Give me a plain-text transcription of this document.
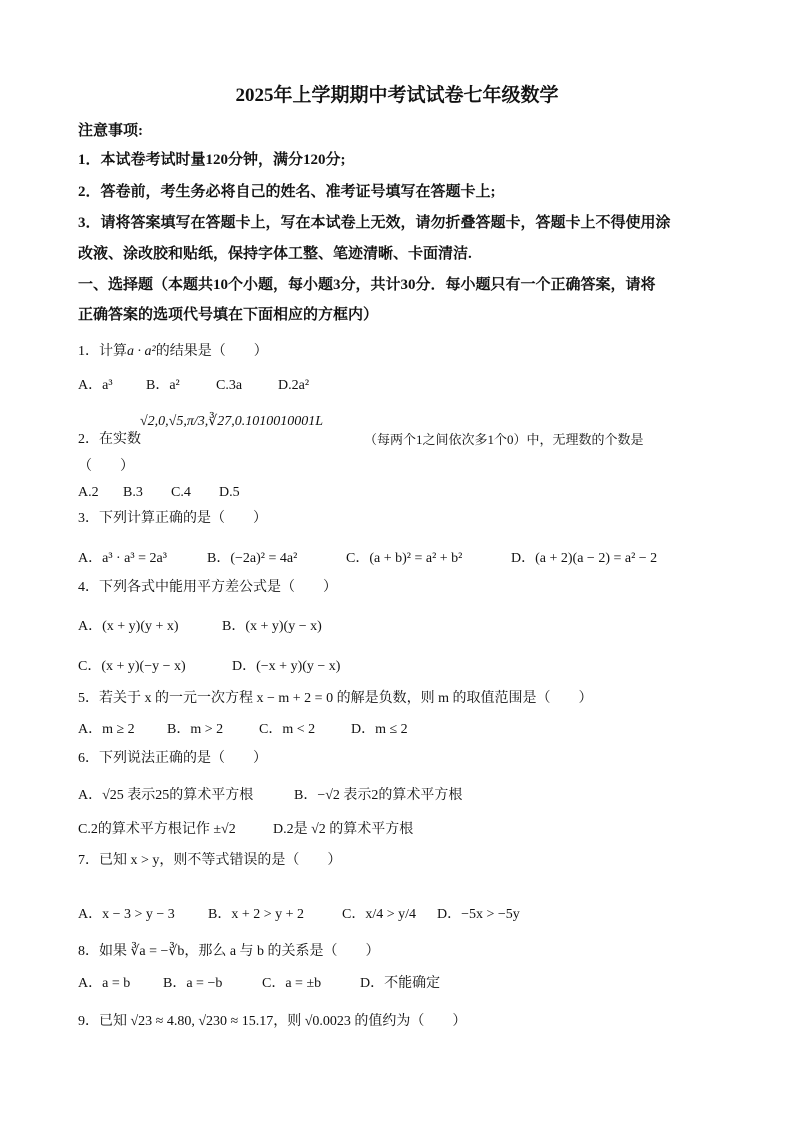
2025年上学期期中考试试卷七年级数学
注意事项:
1．本试卷考试时量120分钟，满分120分;
2．答卷前，考生务必将自己的姓名、准考证号填写在答题卡上;
3．请将答案填写在答题卡上，写在本试卷上无效，请勿折叠答题卡，答题卡上不得使用涂
改液、涂改胶和贴纸，保持字体工整、笔迹清晰、卡面清洁.
一、选择题（本题共10个小题，每小题3分，共计30分．每小题只有一个正确答案，请将
正确答案的选项代号填在下面相应的方框内）
1．计算a · a²的结果是（　　）
A．a³ B．a²	C.3a	D.2a²
2．在实数
√2,0,√5,π/3,∛27,0.1010010001L
（每两个1之间依次多1个0）中，无理数的个数是
（　　）
A.2 B.3 C.4 D.5
3．下列计算正确的是（　　）
A．a³ · a³ = 2a³	B．(−2a)² = 4a²	C．(a + b)² = a² + b²	D．(a + 2)(a − 2) = a² − 2
4．下列各式中能用平方差公式是（　　）
A．(x + y)(y + x)	B．(x + y)(y − x)
C．(x + y)(−y − x)	D．(−x + y)(y − x)
5．若关于 x 的一元一次方程 x − m + 2 = 0 的解是负数，则 m 的取值范围是（　　）
A．m ≥ 2 B．m > 2	C．m < 2	D．m ≤ 2
6．下列说法正确的是（　　）
A．√25 表示25的算术平方根	B．−√2 表示2的算术平方根
C.2的算术平方根记作 ±√2	D.2是 √2 的算术平方根
7．已知 x > y，则不等式错误的是（　　）
A．x − 3 > y − 3 B．x + 2 > y + 2	C．x/4 > y/4 D．−5x > −5y
8．如果 ∛a = −∛b，那么 a 与 b 的关系是（　　）
A．a = b B．a = −b	C．a = ±b	D．不能确定
9．已知 √23 ≈ 4.80, √230 ≈ 15.17，则 √0.0023 的值约为（　　）
